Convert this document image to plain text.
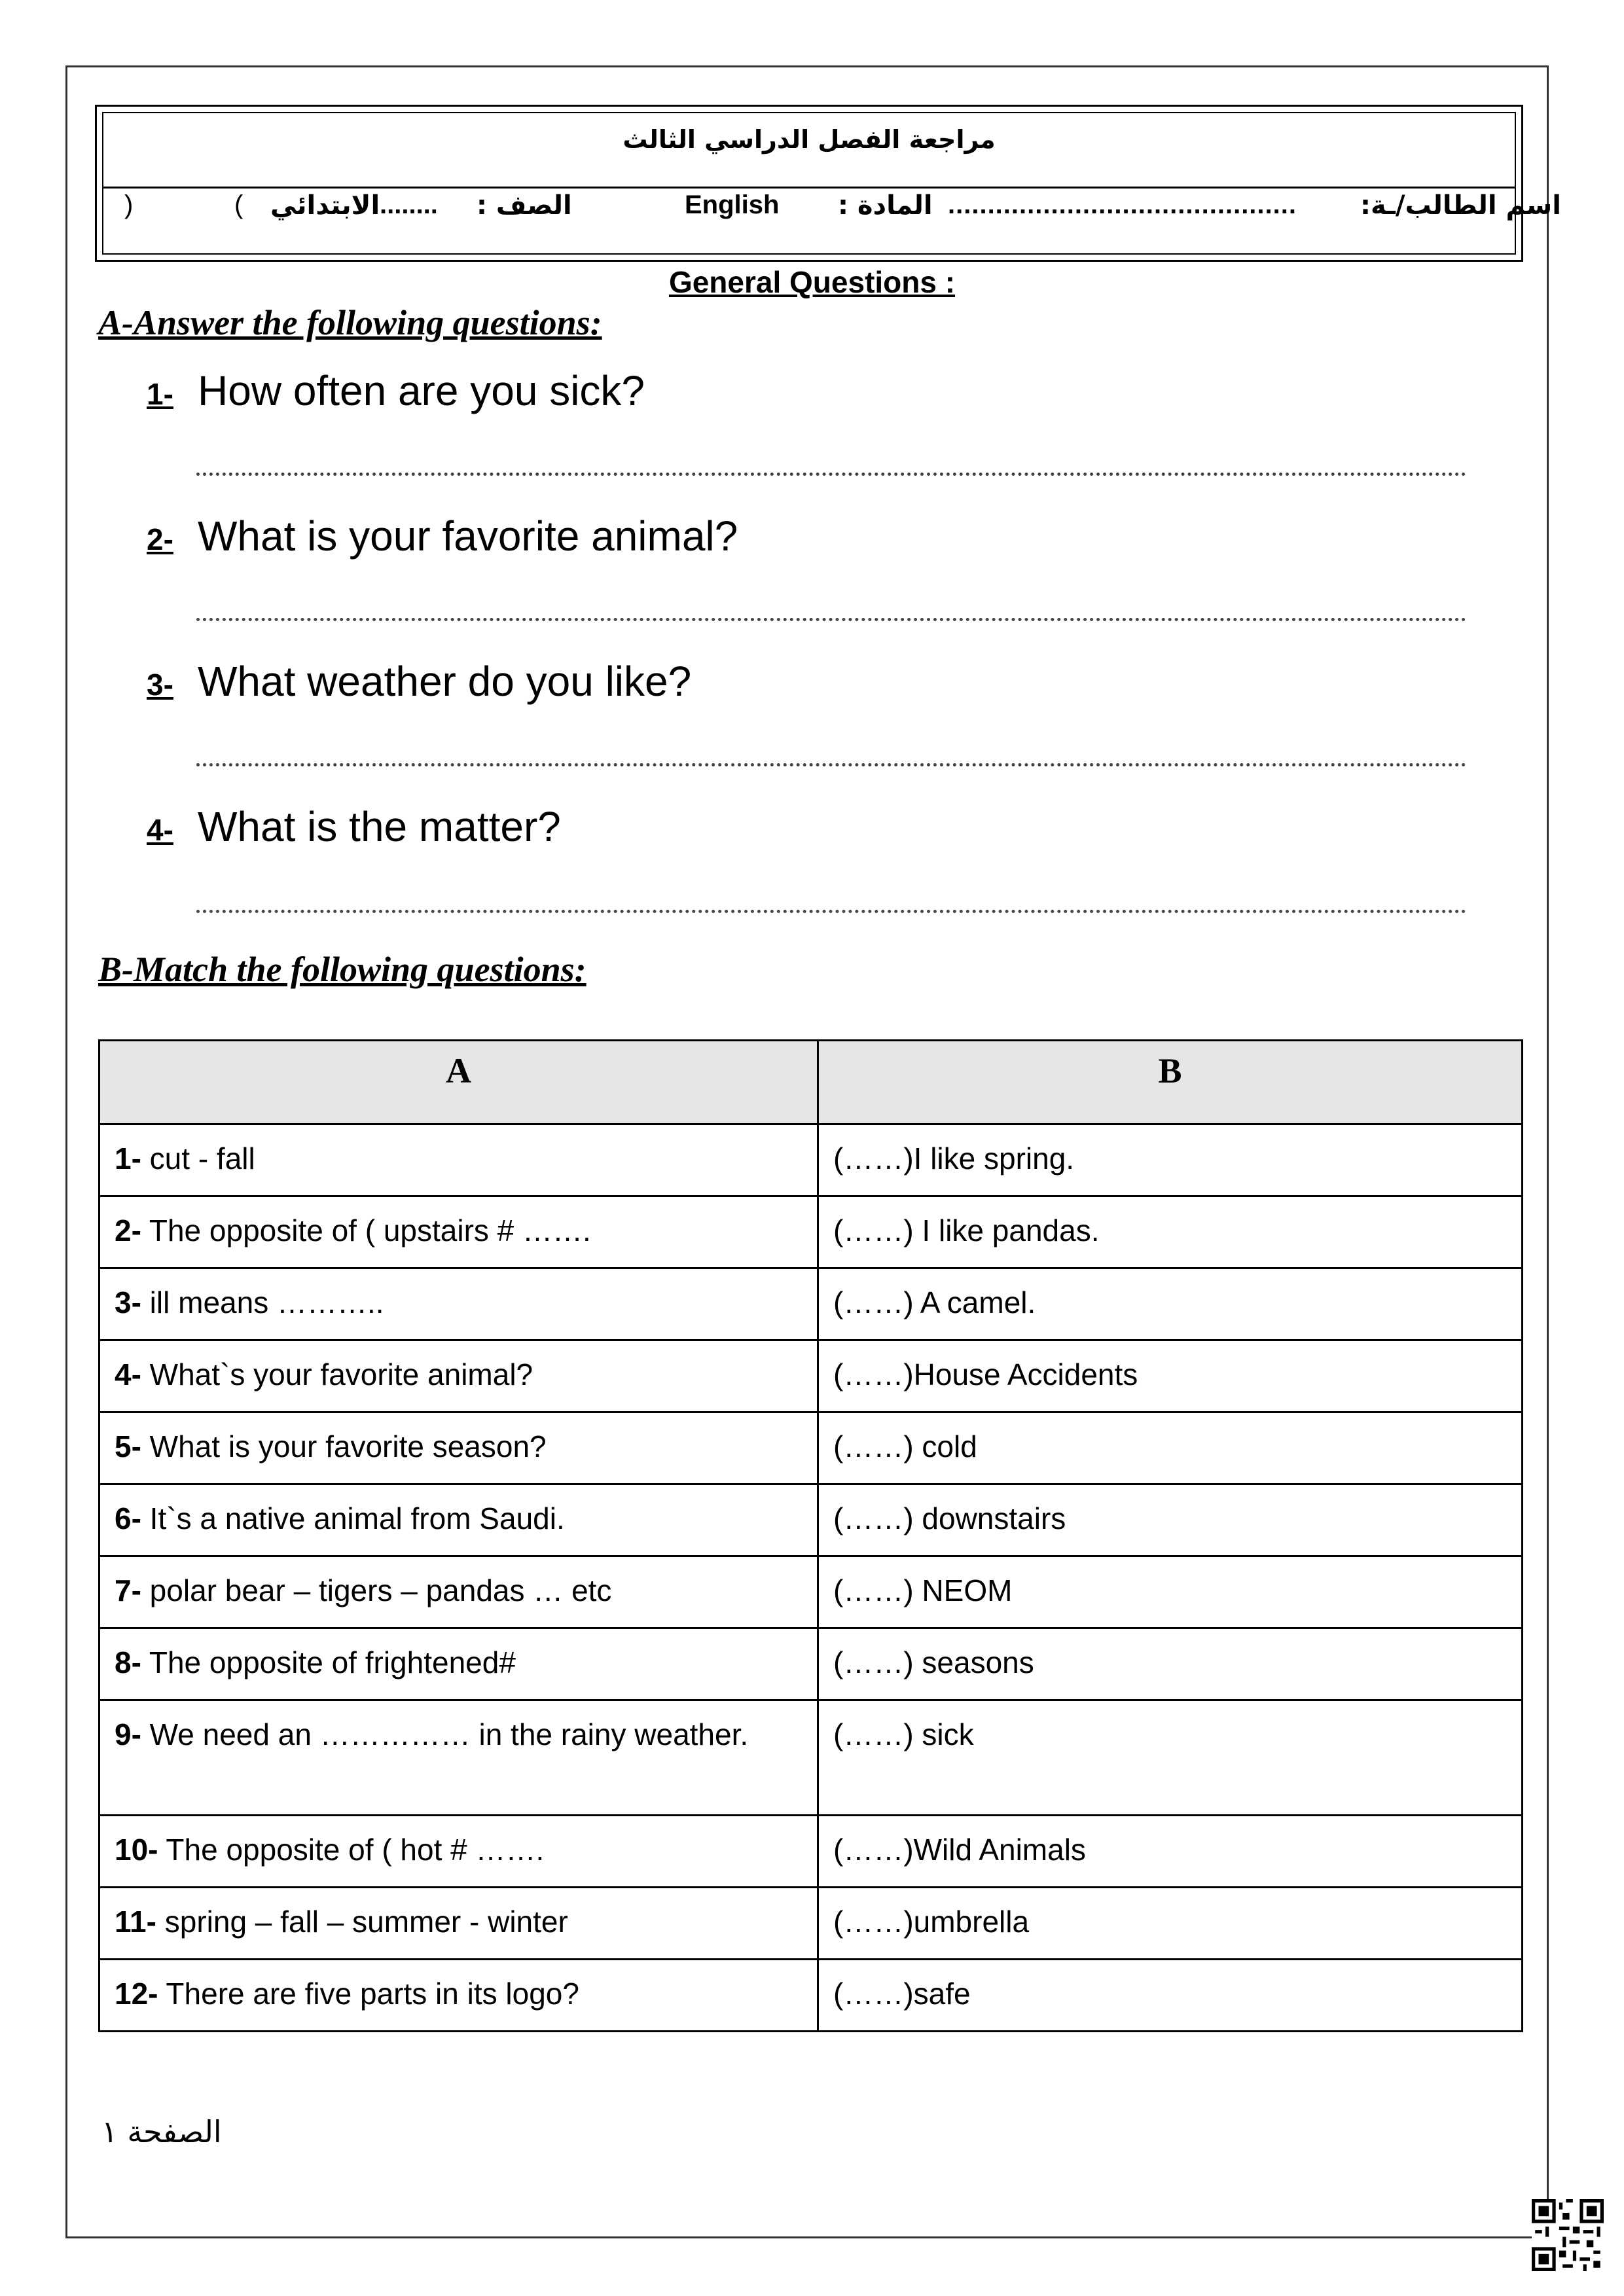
مراجعة الفصل الدراسي الثالث
)	( الابتدائي ........ الصف :	English المادة : ............................................ اسم الطالب/ـة:
General Questions :
A-Answer the following questions:
1- How often are you sick?
2- What is your favorite animal?
3- What weather do you like?
4- What is the matter?
B-Match the following questions:
A	B
1- cut - fall	(……)I like spring.
2- The opposite of ( upstairs # …….	(……) I like pandas.
3- ill means ………..	(……) A camel.
4- What`s your favorite animal?	(……)House Accidents
5- What is your favorite season?	(……) cold
6- It`s a native animal from Saudi.	(……) downstairs
7- polar bear – tigers – pandas … etc	(……) NEOM
8- The opposite of frightened#	(……) seasons
9- We need an …………… in the rainy weather.	(……) sick
10- The opposite of ( hot # …….	(……)Wild Animals
11- spring – fall – summer - winter	(……)umbrella
12- There are five parts in its logo?	(……)safe
الصفحة ١
